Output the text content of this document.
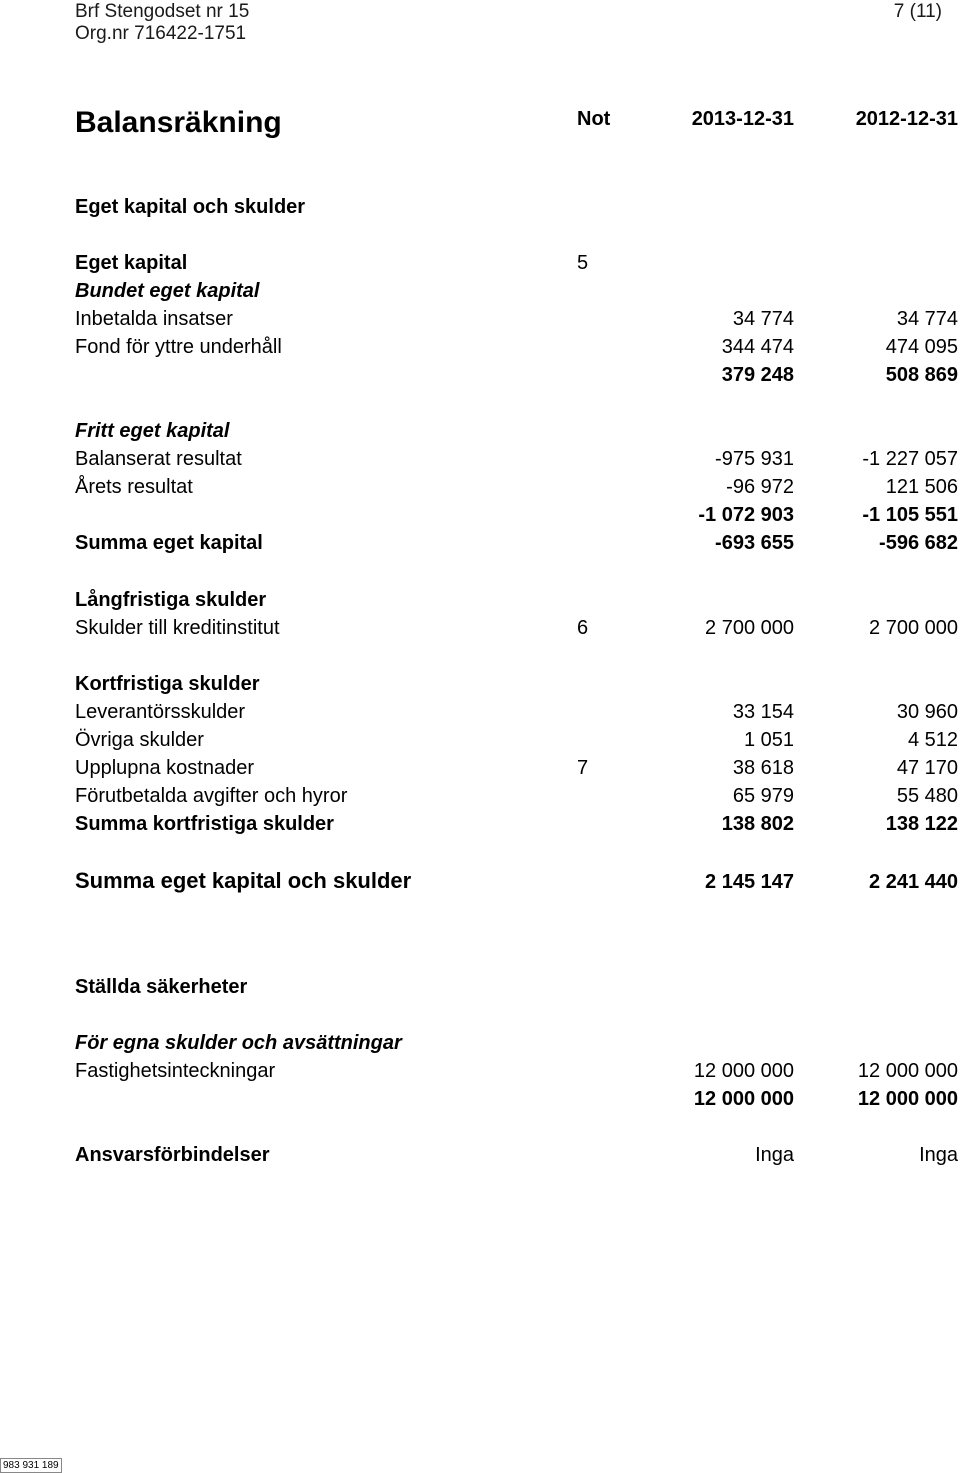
Brf Stengodset nr 15
Org.nr 716422-1751
7 (11)
Balansräkning	Not	2013-12-31	2012-12-31
Eget kapital och skulder
Eget kapital	5
Bundet eget kapital
Inbetalda insatser	34 774	34 774
Fond för yttre underhåll	344 474	474 095
379 248	508 869
Fritt eget kapital
Balanserat resultat	-975 931	-1 227 057
Årets resultat	-96 972	121 506
-1 072 903	-1 105 551
Summa eget kapital	-693 655	-596 682
Långfristiga skulder
Skulder till kreditinstitut	6	2 700 000	2 700 000
Kortfristiga skulder
Leverantörsskulder	33 154	30 960
Övriga skulder	1 051	4 512
Upplupna kostnader	7	38 618	47 170
Förutbetalda avgifter och hyror	65 979	55 480
Summa kortfristiga skulder	138 802	138 122
Summa eget kapital och skulder	2 145 147	2 241 440
Ställda säkerheter
För egna skulder och avsättningar
Fastighetsinteckningar	12 000 000	12 000 000
12 000 000	12 000 000
Ansvarsförbindelser	Inga	Inga
983 931 189
